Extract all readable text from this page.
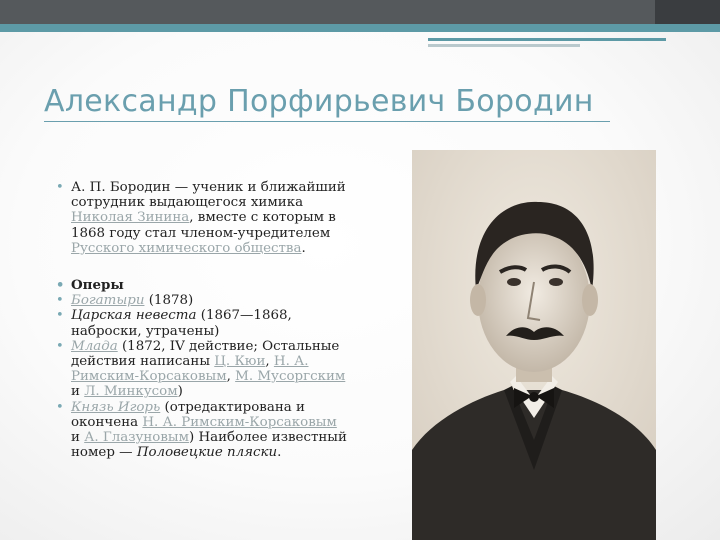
Александр Порфирьевич Бородин

• А. П. Бородин — ученик и ближайший сотрудник выдающегося химика Николая Зинина, вместе с которым в 1868 году стал членом-учредителем Русского химического общества.

• Оперы

• Богатыри (1878)

• Царская невеста (1867—1868, наброски, утрачены)

• Млада (1872, IV действие; Остальные действия написаны Ц. Кюи, Н. А. Римским-Корсаковым, М. Мусоргским и Л. Минкусом)

• Князь Игорь (отредактирована и окончена Н. А. Римским-Корсаковым и А. Глазуновым) Наиболее известный номер — Половецкие пляски.
